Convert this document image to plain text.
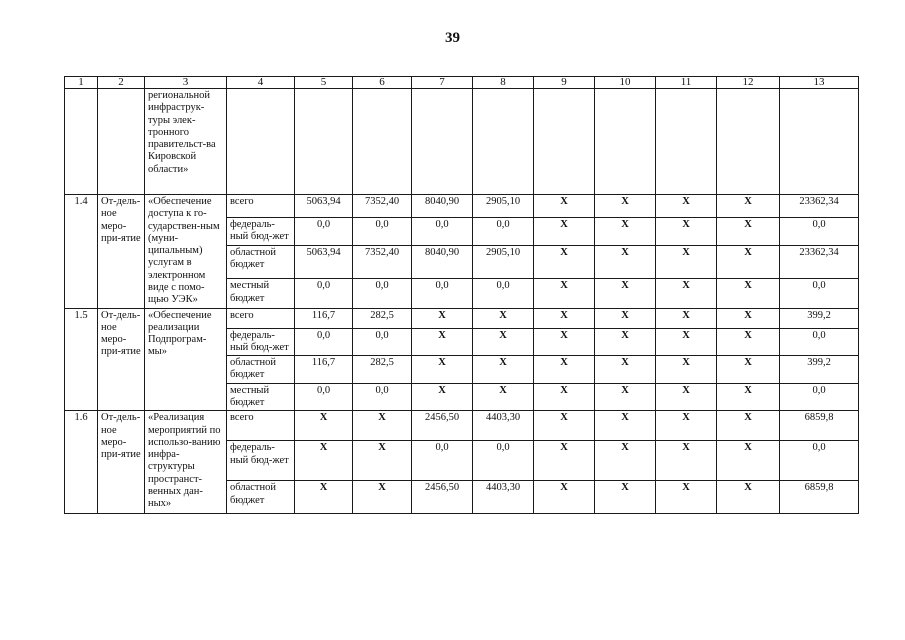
39
1	2	3	4	5	6	7	8	9	10	11	12	13
		региональной инфраструк-туры элек-тронного правительст-ва Кировской области»										
1.4	От-дель-ное меро-при-ятие	«Обеспечение доступа к го-сударствен-ным (муни-ципальным) услугам в электронном виде с помо-щью УЭК»	всего	5063,94	7352,40	8040,90	2905,10	X	X	X	X	23362,34
			федераль-ный бюд-жет	0,0	0,0	0,0	0,0	X	X	X	X	0,0
			областной бюджет	5063,94	7352,40	8040,90	2905,10	X	X	X	X	23362,34
			местный бюджет	0,0	0,0	0,0	0,0	X	X	X	X	0,0
1.5	От-дель-ное меро-при-ятие	«Обеспечение реализации Подпрограм-мы»	всего	116,7	282,5	X	X	X	X	X	X	399,2
			федераль-ный бюд-жет	0,0	0,0	X	X	X	X	X	X	0,0
			областной бюджет	116,7	282,5	X	X	X	X	X	X	399,2
			местный бюджет	0,0	0,0	X	X	X	X	X	X	0,0
1.6	От-дель-ное меро-при-ятие	«Реализация мероприятий по использо-ванию инфра-структуры пространст-венных дан-ных»	всего	X	X	2456,50	4403,30	X	X	X	X	6859,8
			федераль-ный бюд-жет	X	X	0,0	0,0	X	X	X	X	0,0
			областной бюджет	X	X	2456,50	4403,30	X	X	X	X	6859,8
